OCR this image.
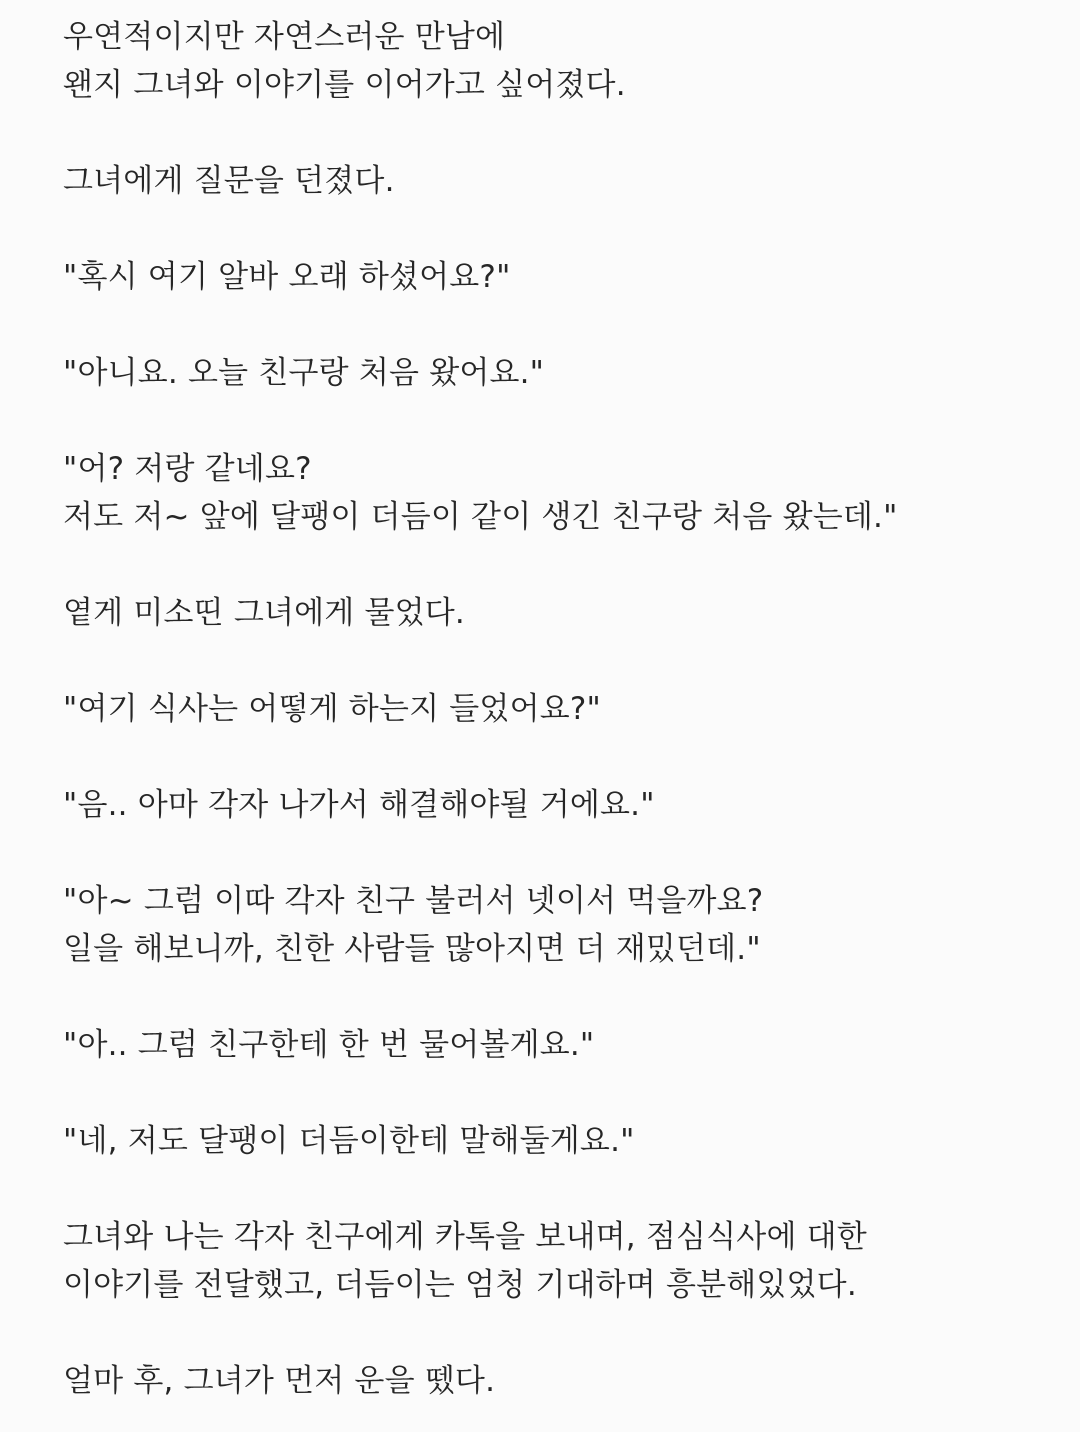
우연적이지만 자연스러운 만남에
왠지 그녀와 이야기를 이어가고 싶어졌다.
그녀에게 질문을 던졌다.
"혹시 여기 알바 오래 하셨어요?"
"아니요. 오늘 친구랑 처음 왔어요."
"어? 저랑 같네요?
저도 저~ 앞에 달팽이 더듬이 같이 생긴 친구랑 처음 왔는데."
옅게 미소띤 그녀에게 물었다.
"여기 식사는 어떻게 하는지 들었어요?"
"음.. 아마 각자 나가서 해결해야될 거에요."
"아~ 그럼 이따 각자 친구 불러서 넷이서 먹을까요?
일을 해보니까, 친한 사람들 많아지면 더 재밌던데."
"아.. 그럼 친구한테 한 번 물어볼게요."
"네, 저도 달팽이 더듬이한테 말해둘게요."
그녀와 나는 각자 친구에게 카톡을 보내며, 점심식사에 대한
이야기를 전달했고, 더듬이는 엄청 기대하며 흥분해있었다.
얼마 후, 그녀가 먼저 운을 뗐다.
